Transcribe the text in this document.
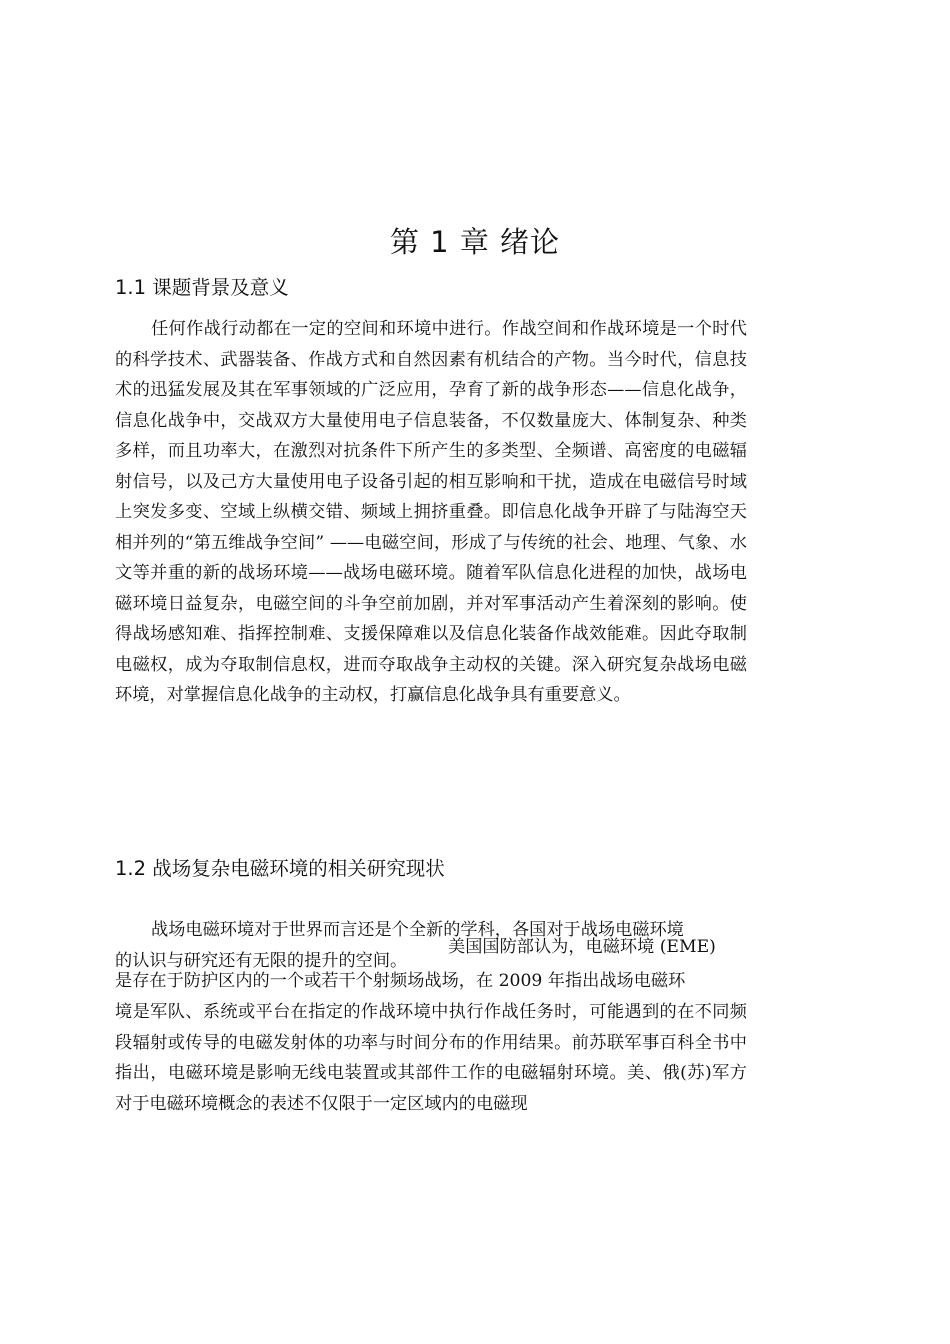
第 1 章 绪论
1.1 课题背景及意义
任何作战行动都在一定的空间和环境中进行。作战空间和作战环境是一个时代的科学技术、武器装备、作战方式和自然因素有机结合的产物。当今时代，信息技术的迅猛发展及其在军事领域的广泛应用，孕育了新的战争形态——信息化战争，信息化战争中，交战双方大量使用电子信息装备，不仅数量庞大、体制复杂、种类多样，而且功率大，在激烈对抗条件下所产生的多类型、全频谱、高密度的电磁辐射信号，以及己方大量使用电子设备引起的相互影响和干扰，造成在电磁信号时域上突发多变、空域上纵横交错、频域上拥挤重叠。即信息化战争开辟了与陆海空天相并列的“第五维战争空间” ——电磁空间，形成了与传统的社会、地理、气象、水文等并重的新的战场环境——战场电磁环境。随着军队信息化进程的加快，战场电磁环境日益复杂，电磁空间的斗争空前加剧，并对军事活动产生着深刻的影响。使得战场感知难、指挥控制难、支援保障难以及信息化装备作战效能难。因此夺取制电磁权，成为夺取制信息权，进而夺取战争主动权的关键。深入研究复杂战场电磁环境，对掌握信息化战争的主动权，打赢信息化战争具有重要意义。
1.2 战场复杂电磁环境的相关研究现状
战场电磁环境对于世界而言还是个全新的学科，各国对于战场电磁环境
的认识与研究还有无限的提升的空间。
美国国防部认为，电磁环境 (EME)
是存在于防护区内的一个或若干个射频场战场，在 2009 年指出战场电磁环
境是军队、系统或平台在指定的作战环境中执行作战任务时，可能遇到的在不同频段辐射或传导的电磁发射体的功率与时间分布的作用结果。前苏联军事百科全书中指出，电磁环境是影响无线电装置或其部件工作的电磁辐射环境。美、俄(苏)军方对于电磁环境概念的表述不仅限于一定区域内的电磁现
